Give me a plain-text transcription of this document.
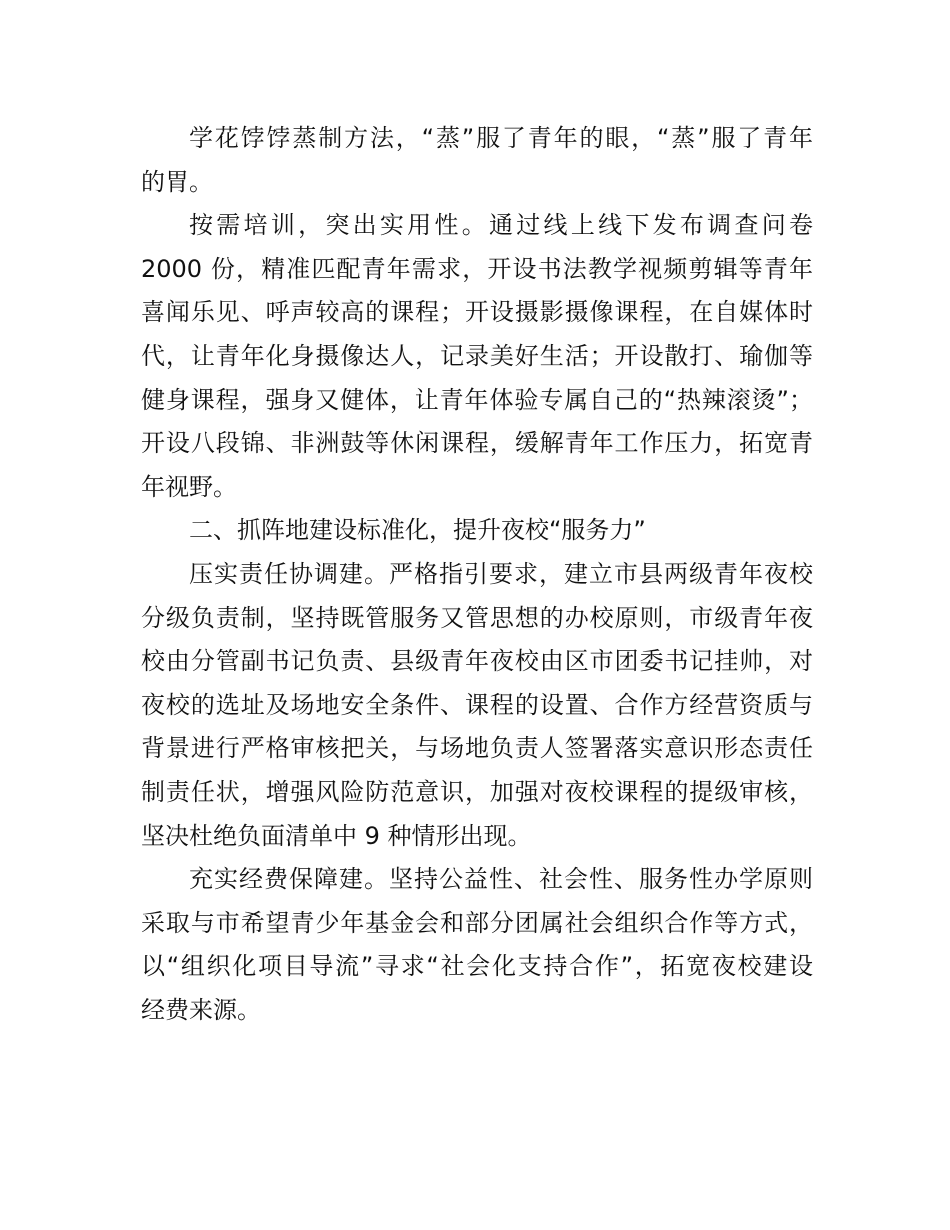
学花饽饽蒸制方法，“蒸”服了青年的眼，“蒸”服了青年
的胃。
按需培训，突出实用性。通过线上线下发布调查问卷
2000 份，精准匹配青年需求，开设书法教学视频剪辑等青年
喜闻乐见、呼声较高的课程；开设摄影摄像课程，在自媒体时
代，让青年化身摄像达人，记录美好生活；开设散打、瑜伽等
健身课程，强身又健体，让青年体验专属自己的“热辣滚烫”；
开设八段锦、非洲鼓等休闲课程，缓解青年工作压力，拓宽青
年视野。
二、抓阵地建设标准化，提升夜校“服务力”
压实责任协调建。严格指引要求，建立市县两级青年夜校
分级负责制，坚持既管服务又管思想的办校原则，市级青年夜
校由分管副书记负责、县级青年夜校由区市团委书记挂帅，对
夜校的选址及场地安全条件、课程的设置、合作方经营资质与
背景进行严格审核把关，与场地负责人签署落实意识形态责任
制责任状，增强风险防范意识，加强对夜校课程的提级审核，
坚决杜绝负面清单中 9 种情形出现。
充实经费保障建。坚持公益性、社会性、服务性办学原则
采取与市希望青少年基金会和部分团属社会组织合作等方式，
以“组织化项目导流”寻求“社会化支持合作”，拓宽夜校建设
经费来源。
